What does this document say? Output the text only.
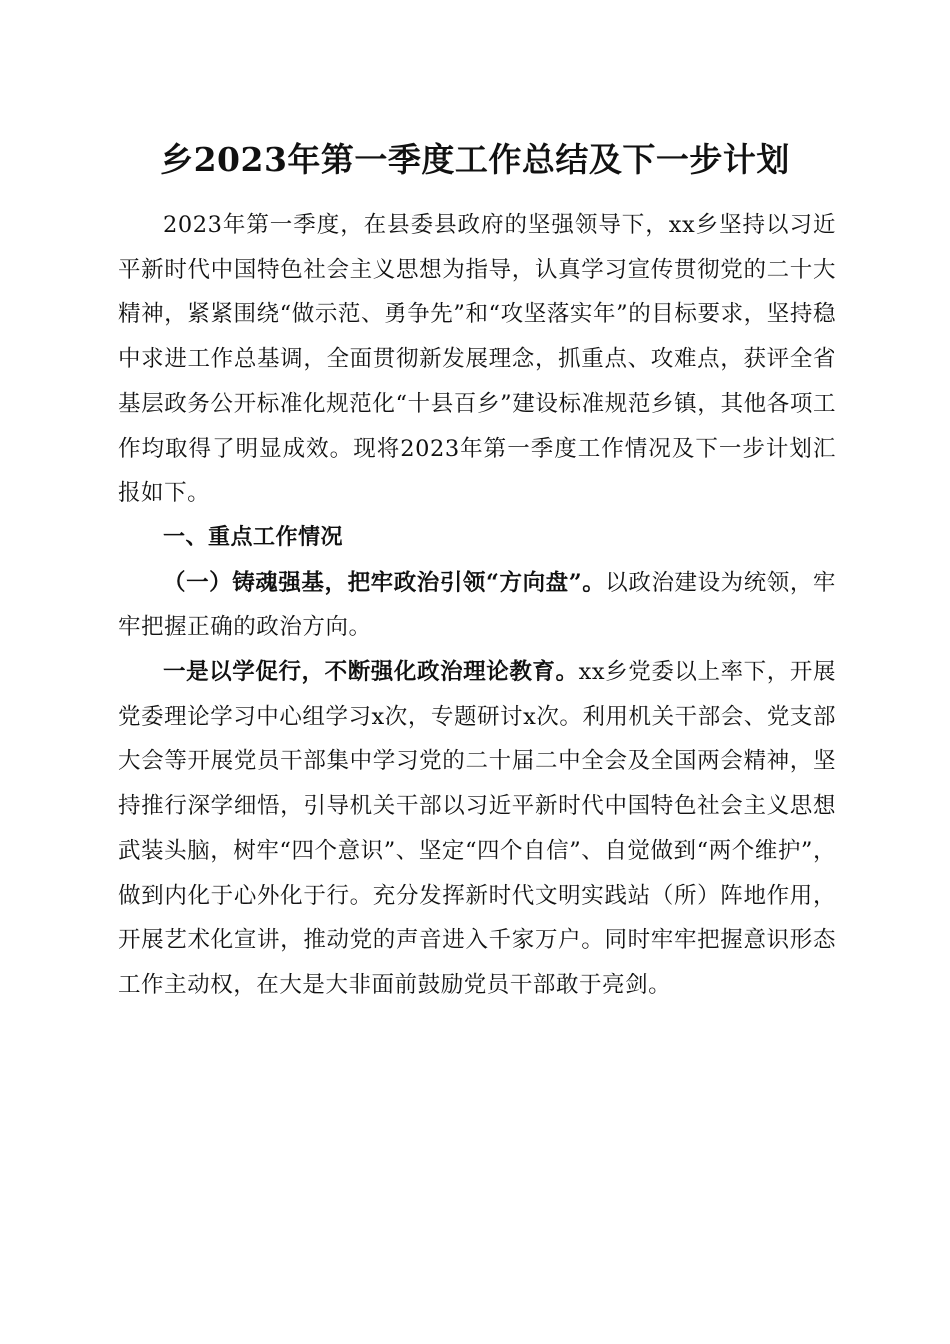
乡2023年第一季度工作总结及下一步计划

2023年第一季度，在县委县政府的坚强领导下，xx乡坚持以习近平新时代中国特色社会主义思想为指导，认真学习宣传贯彻党的二十大精神，紧紧围绕“做示范、勇争先”和“攻坚落实年”的目标要求，坚持稳中求进工作总基调，全面贯彻新发展理念，抓重点、攻难点，获评全省基层政务公开标准化规范化“十县百乡”建设标准规范乡镇，其他各项工作均取得了明显成效。现将2023年第一季度工作情况及下一步计划汇报如下。

一、重点工作情况

（一）铸魂强基，把牢政治引领“方向盘”。以政治建设为统领，牢牢把握正确的政治方向。

一是以学促行，不断强化政治理论教育。xx乡党委以上率下，开展党委理论学习中心组学习x次，专题研讨x次。利用机关干部会、党支部大会等开展党员干部集中学习党的二十届二中全会及全国两会精神，坚持推行深学细悟，引导机关干部以习近平新时代中国特色社会主义思想武装头脑，树牢“四个意识”、坚定“四个自信”、自觉做到“两个维护”，做到内化于心外化于行。充分发挥新时代文明实践站（所）阵地作用，开展艺术化宣讲，推动党的声音进入千家万户。同时牢牢把握意识形态工作主动权，在大是大非面前鼓励党员干部敢于亮剑。
